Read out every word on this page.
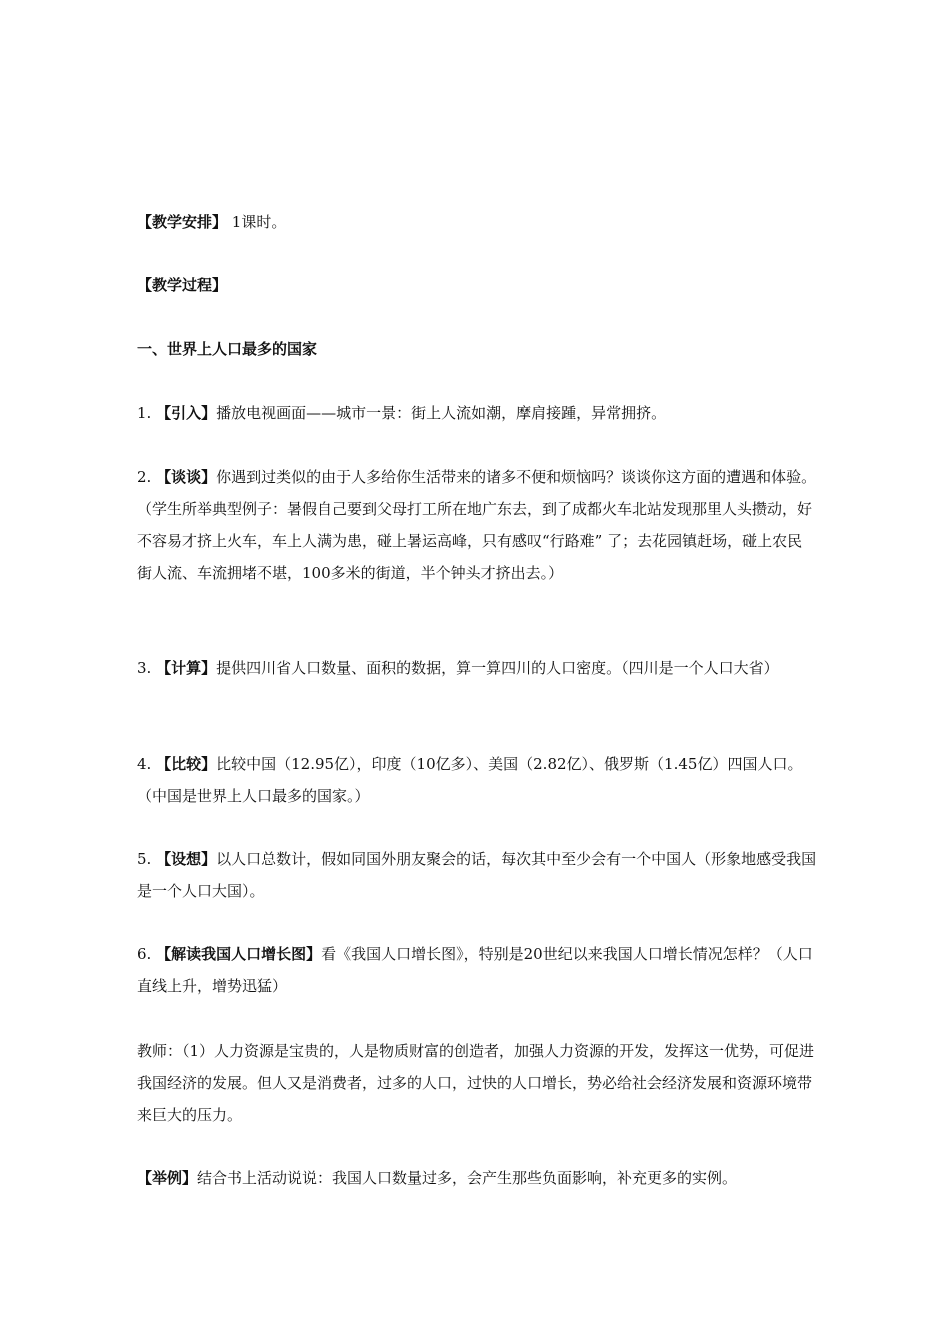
【教学安排】 1课时。
【教学过程】
一、世界上人口最多的国家
1. 【引入】播放电视画面——城市一景：街上人流如潮，摩肩接踵，异常拥挤。
2. 【谈谈】你遇到过类似的由于人多给你生活带来的诸多不便和烦恼吗？谈谈你这方面的遭遇和体验。（学生所举典型例子：暑假自己要到父母打工所在地广东去，到了成都火车北站发现那里人头攒动，好不容易才挤上火车，车上人满为患，碰上暑运高峰，只有感叹“行路难” 了；去花园镇赶场，碰上农民街人流、车流拥堵不堪，100多米的街道，半个钟头才挤出去。）
3. 【计算】提供四川省人口数量、面积的数据，算一算四川的人口密度。（四川是一个人口大省）
4. 【比较】比较中国（12.95亿），印度（10亿多）、美国（2.82亿）、俄罗斯（1.45亿）四国人口。（中国是世界上人口最多的国家。）
5. 【设想】以人口总数计，假如同国外朋友聚会的话，每次其中至少会有一个中国人（形象地感受我国是一个人口大国）。
6. 【解读我国人口增长图】看《我国人口增长图》，特别是20世纪以来我国人口增长情况怎样？（人口直线上升，增势迅猛）
教师：（1）人力资源是宝贵的，人是物质财富的创造者，加强人力资源的开发，发挥这一优势，可促进我国经济的发展。但人又是消费者，过多的人口，过快的人口增长，势必给社会经济发展和资源环境带来巨大的压力。
【举例】结合书上活动说说：我国人口数量过多，会产生那些负面影响，补充更多的实例。
